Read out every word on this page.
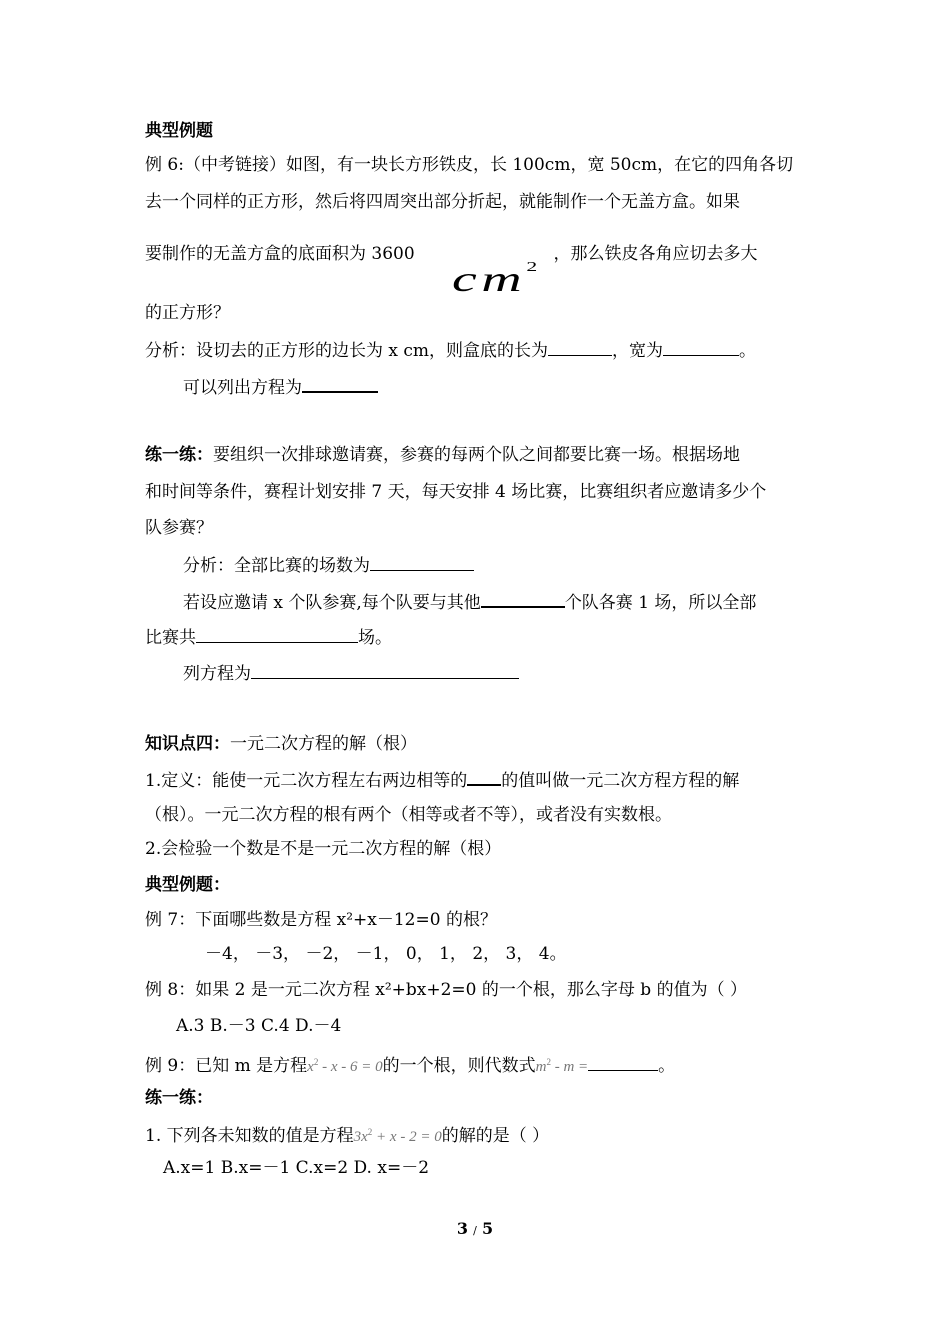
典型例题
例 6:（中考链接）如图，有一块长方形铁皮，长 100cm，宽 50cm，在它的四角各切
去一个同样的正方形，然后将四周突出部分折起，就能制作一个无盖方盒。如果
要制作的无盖方盒的底面积为 3600	，那么铁皮各角应切去多大
$cm^2$
的正方形？
分析：设切去的正方形的边长为 x cm，则盒底的长为	，宽为	。
可以列出方程为
练一练：要组织一次排球邀请赛，参赛的每两个队之间都要比赛一场。根据场地
和时间等条件，赛程计划安排 7 天，每天安排 4 场比赛，比赛组织者应邀请多少个
队参赛？
分析：全部比赛的场数为
若设应邀请 x 个队参赛,每个队要与其他	个队各赛 1 场，所以全部
比赛共	场。
列方程为
知识点四：一元二次方程的解（根）
1.定义：能使一元二次方程左右两边相等的 的值叫做一元二次方程方程的解
（根）。一元二次方程的根有两个（相等或者不等），或者没有实数根。
2.会检验一个数是不是一元二次方程的解（根）
典型例题：
例 7：下面哪些数是方程 x²+x－12=0 的根？
－4， －3， －2， －1， 0， 1， 2， 3， 4。
例 8：如果 2 是一元二次方程 x²+bx+2=0 的一个根，那么字母 b 的值为（ ）
A.3 B.－3 C.4 D.－4
例 9：已知 m 是方程$x^2 - x - 6 = 0$的一个根，则代数式$m^2$ - m =	。
练一练：
1. 下列各未知数的值是方程$3x^2 + x - 2 = 0$的解的是（ ）
A.x=1 B.x=－1 C.x=2 D. x=－2
3 / 5
